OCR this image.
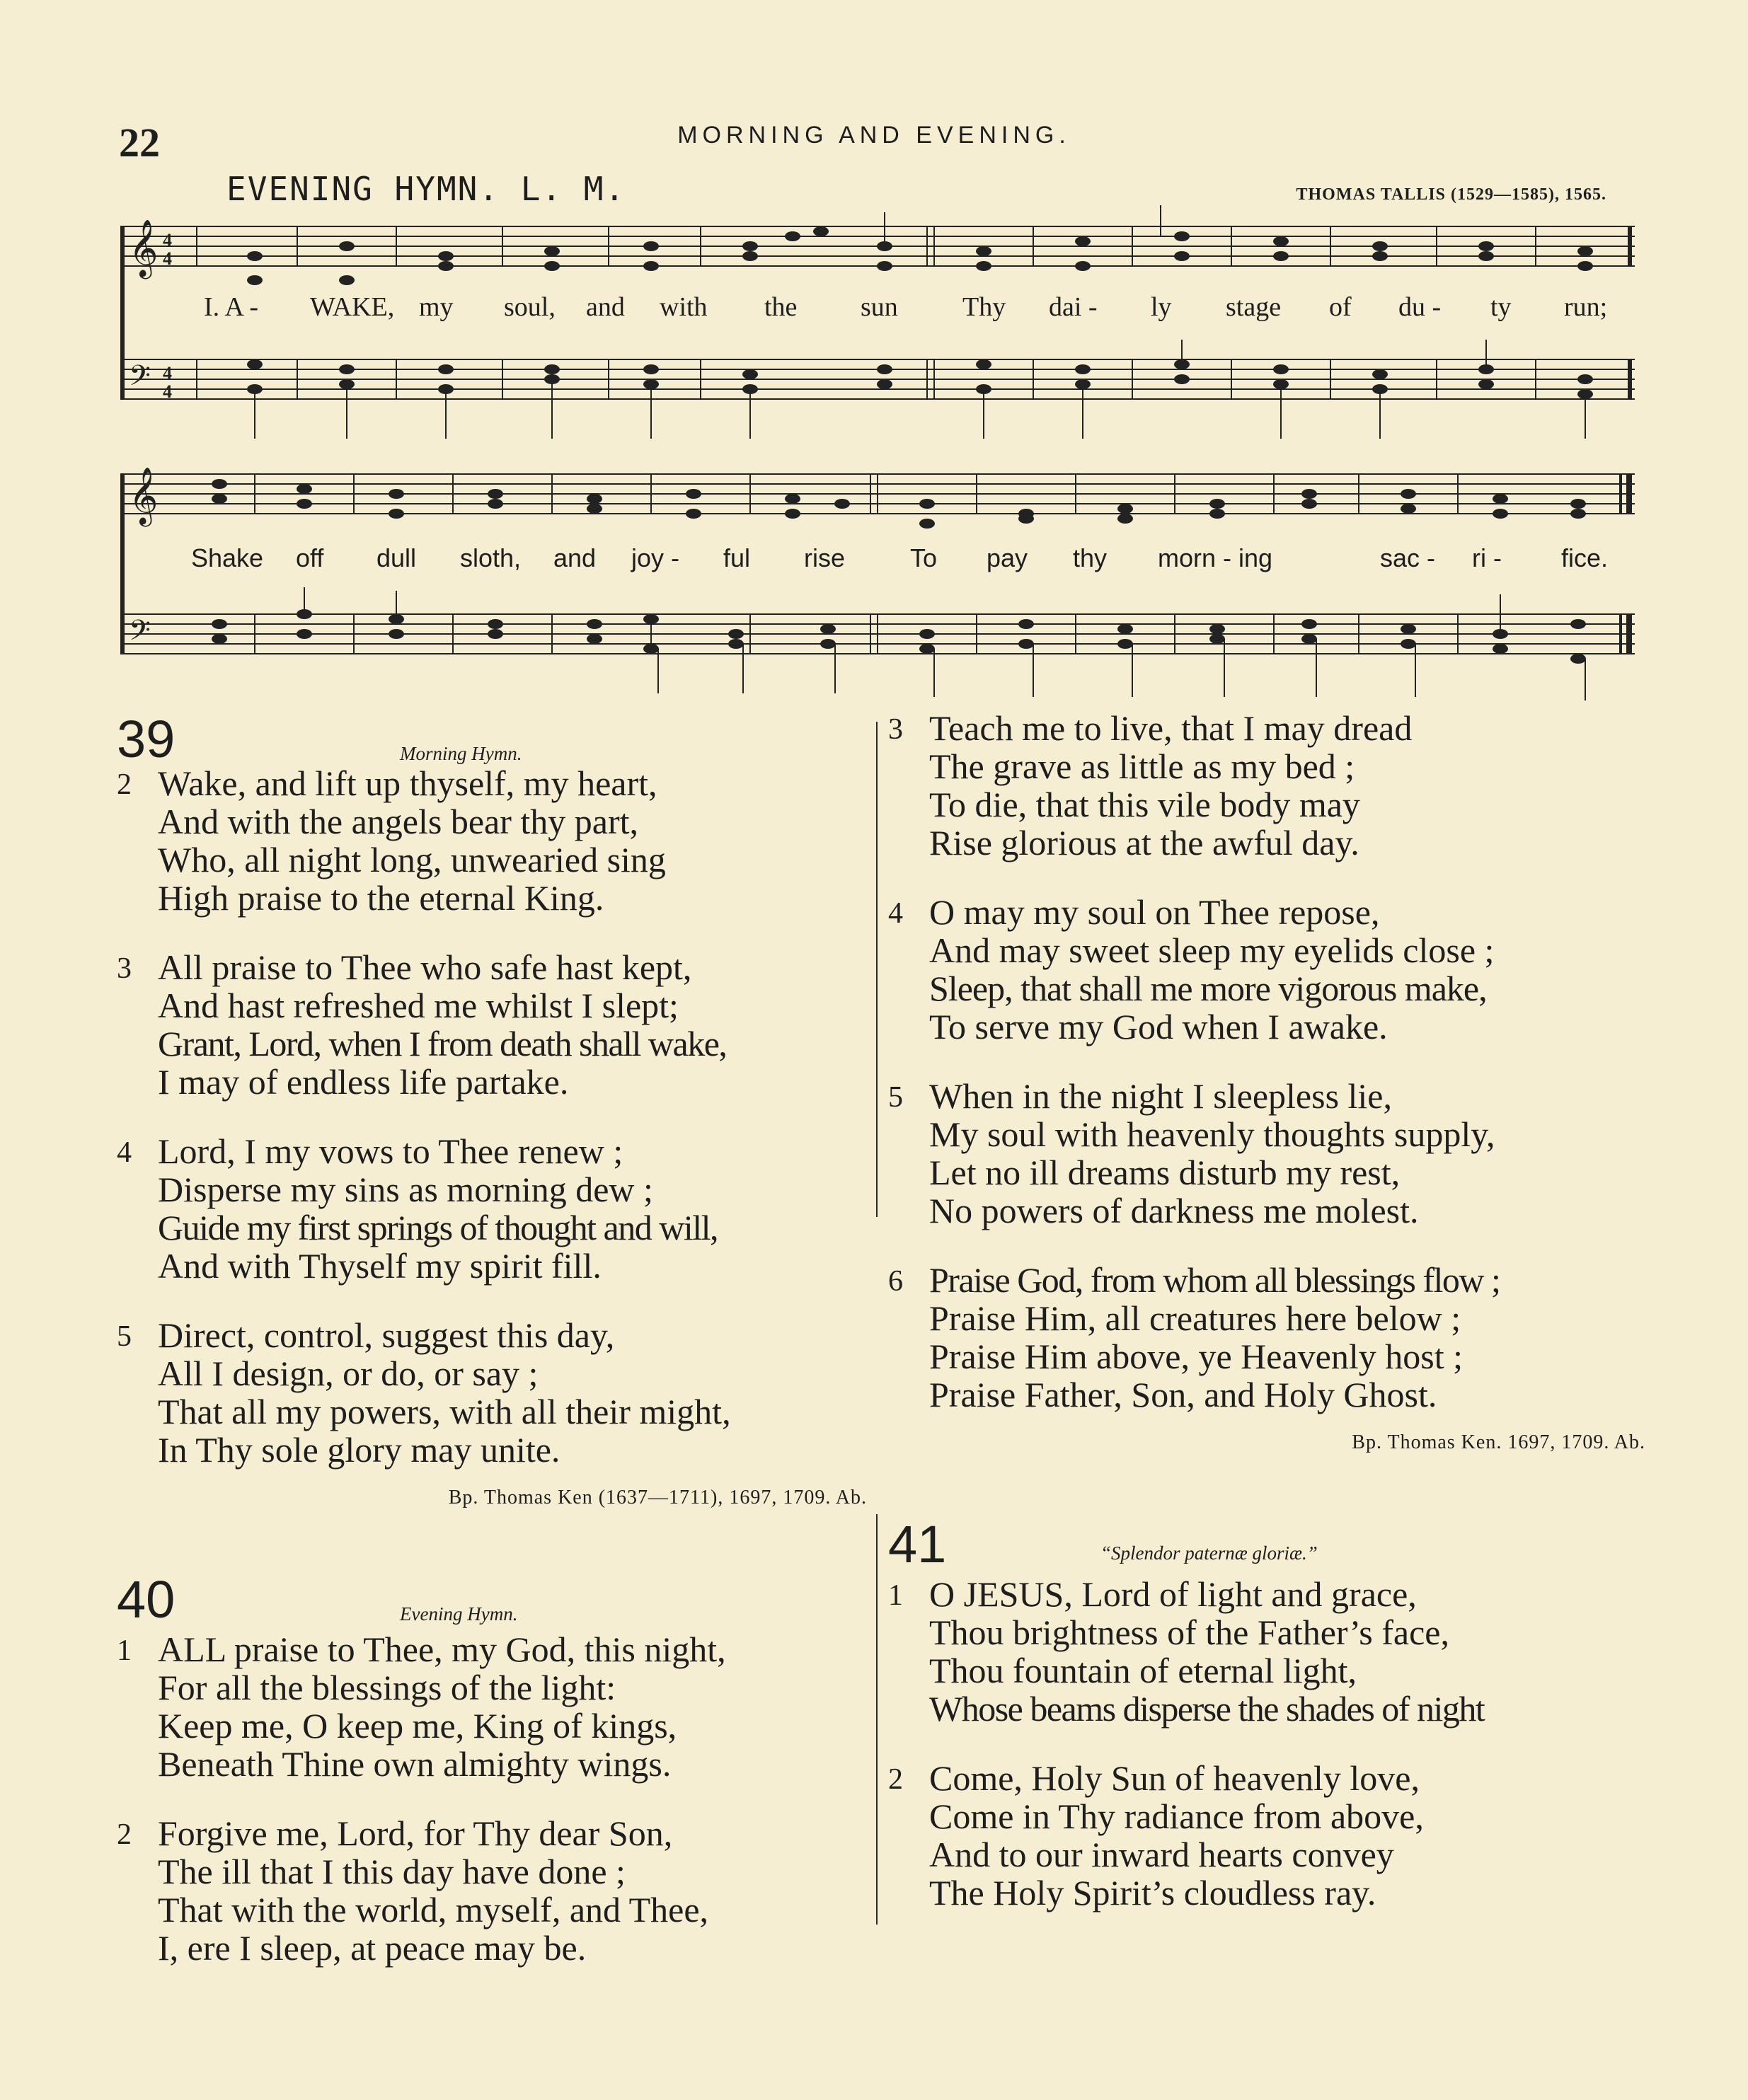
22	MORNING AND EVENING.
EVENING HYMN. L. M.	THOMAS TALLIS (1529—1585), 1565.
𝄞
𝄢
4
4
4
4
I. A - WAKE, my soul, and with the sun Thy dai - ly stage of du - ty run;
𝄞
𝄢
Shake off dull sloth, and joy - ful rise	To pay thy morn - ing	sac - ri - fice.
39	Morning Hymn.
2 Wake, and lift up thyself, my heart,
And with the angels bear thy part,
Who, all night long, unwearied sing
High praise to the eternal King.
3 All praise to Thee who safe hast kept,
And hast refreshed me whilst I slept;
Grant, Lord, when I from death shall wake,
I may of endless life partake.
4 Lord, I my vows to Thee renew ;
Disperse my sins as morning dew ;
Guide my first springs of thought and will,
And with Thyself my spirit fill.
5 Direct, control, suggest this day,
All I design, or do, or say ;
That all my powers, with all their might,
In Thy sole glory may unite.
Bp. Thomas Ken (1637—1711), 1697, 1709. Ab.
40	Evening Hymn.
1 ALL praise to Thee, my God, this night,
For all the blessings of the light:
Keep me, O keep me, King of kings,
Beneath Thine own almighty wings.
2 Forgive me, Lord, for Thy dear Son,
The ill that I this day have done ;
That with the world, myself, and Thee,
I, ere I sleep, at peace may be.
3 Teach me to live, that I may dread
The grave as little as my bed ;
To die, that this vile body may
Rise glorious at the awful day.
4 O may my soul on Thee repose,
And may sweet sleep my eyelids close ;
Sleep, that shall me more vigorous make,
To serve my God when I awake.
5 When in the night I sleepless lie,
My soul with heavenly thoughts supply,
Let no ill dreams disturb my rest,
No powers of darkness me molest.
6 Praise God, from whom all blessings flow ;
Praise Him, all creatures here below ;
Praise Him above, ye Heavenly host ;
Praise Father, Son, and Holy Ghost.
Bp. Thomas Ken. 1697, 1709. Ab.
41	“Splendor paternæ gloriæ.”
1 O JESUS, Lord of light and grace,
Thou brightness of the Father’s face,
Thou fountain of eternal light,
Whose beams disperse the shades of night
2 Come, Holy Sun of heavenly love,
Come in Thy radiance from above,
And to our inward hearts convey
The Holy Spirit’s cloudless ray.
